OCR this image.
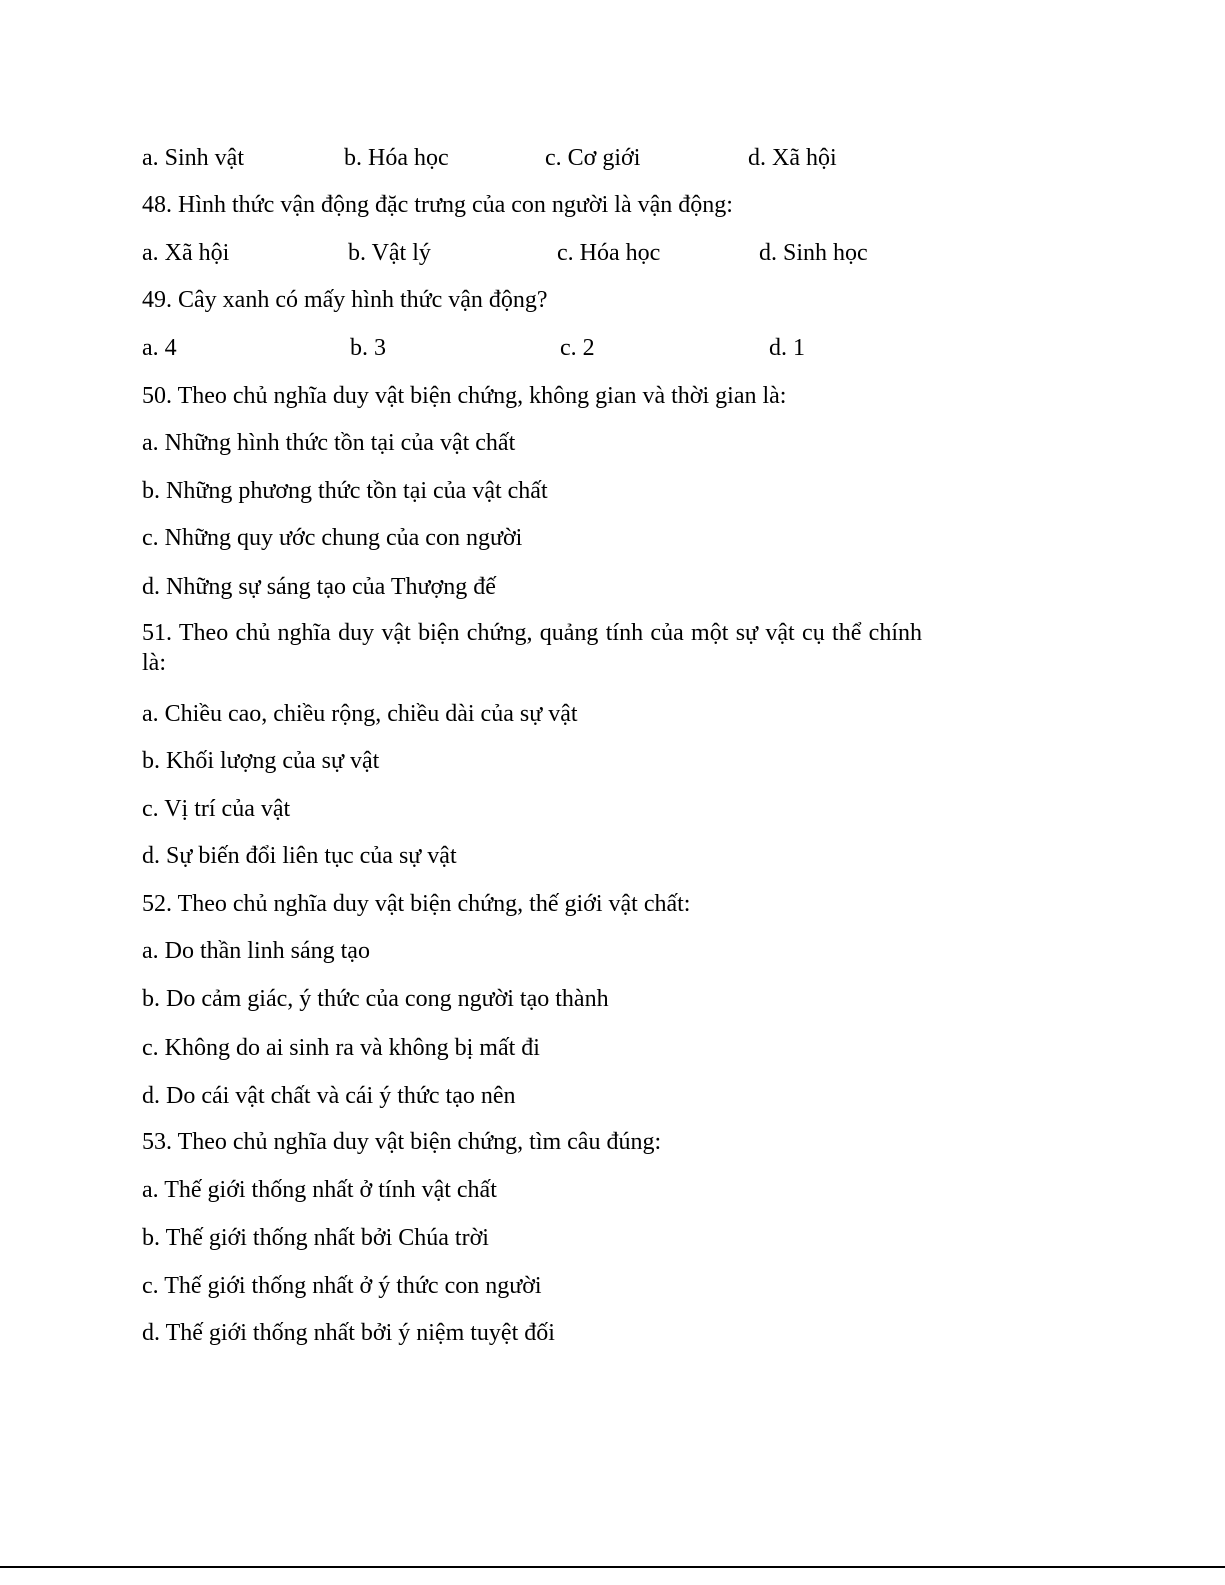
a. Sinh vật	b. Hóa học	c. Cơ giới	d. Xã hội
48. Hình thức vận động đặc trưng của con người là vận động:
a. Xã hội	b. Vật lý	c. Hóa học	d. Sinh học
49. Cây xanh có mấy hình thức vận động?
a. 4	b. 3	c. 2	d. 1
50. Theo chủ nghĩa duy vật biện chứng, không gian và thời gian là:
a. Những hình thức tồn tại của vật chất
b. Những phương thức tồn tại của vật chất
c. Những quy ước chung của con người
d. Những sự sáng tạo của Thượng đế
51. Theo chủ nghĩa duy vật biện chứng, quảng tính của một sự vật cụ thể chính là:
a. Chiều cao, chiều rộng, chiều dài của sự vật
b. Khối lượng của sự vật
c. Vị trí của vật
d. Sự biến đổi liên tục của sự vật
52. Theo chủ nghĩa duy vật biện chứng, thế giới vật chất:
a. Do thần linh sáng tạo
b. Do cảm giác, ý thức của cong người tạo thành
c. Không do ai sinh ra và không bị mất đi
d. Do cái vật chất và cái ý thức tạo nên
53. Theo chủ nghĩa duy vật biện chứng, tìm câu đúng:
a. Thế giới thống nhất ở tính vật chất
b. Thế giới thống nhất bởi Chúa trời
c. Thế giới thống nhất ở ý thức con người
d. Thế giới thống nhất bởi ý niệm tuyệt đối
